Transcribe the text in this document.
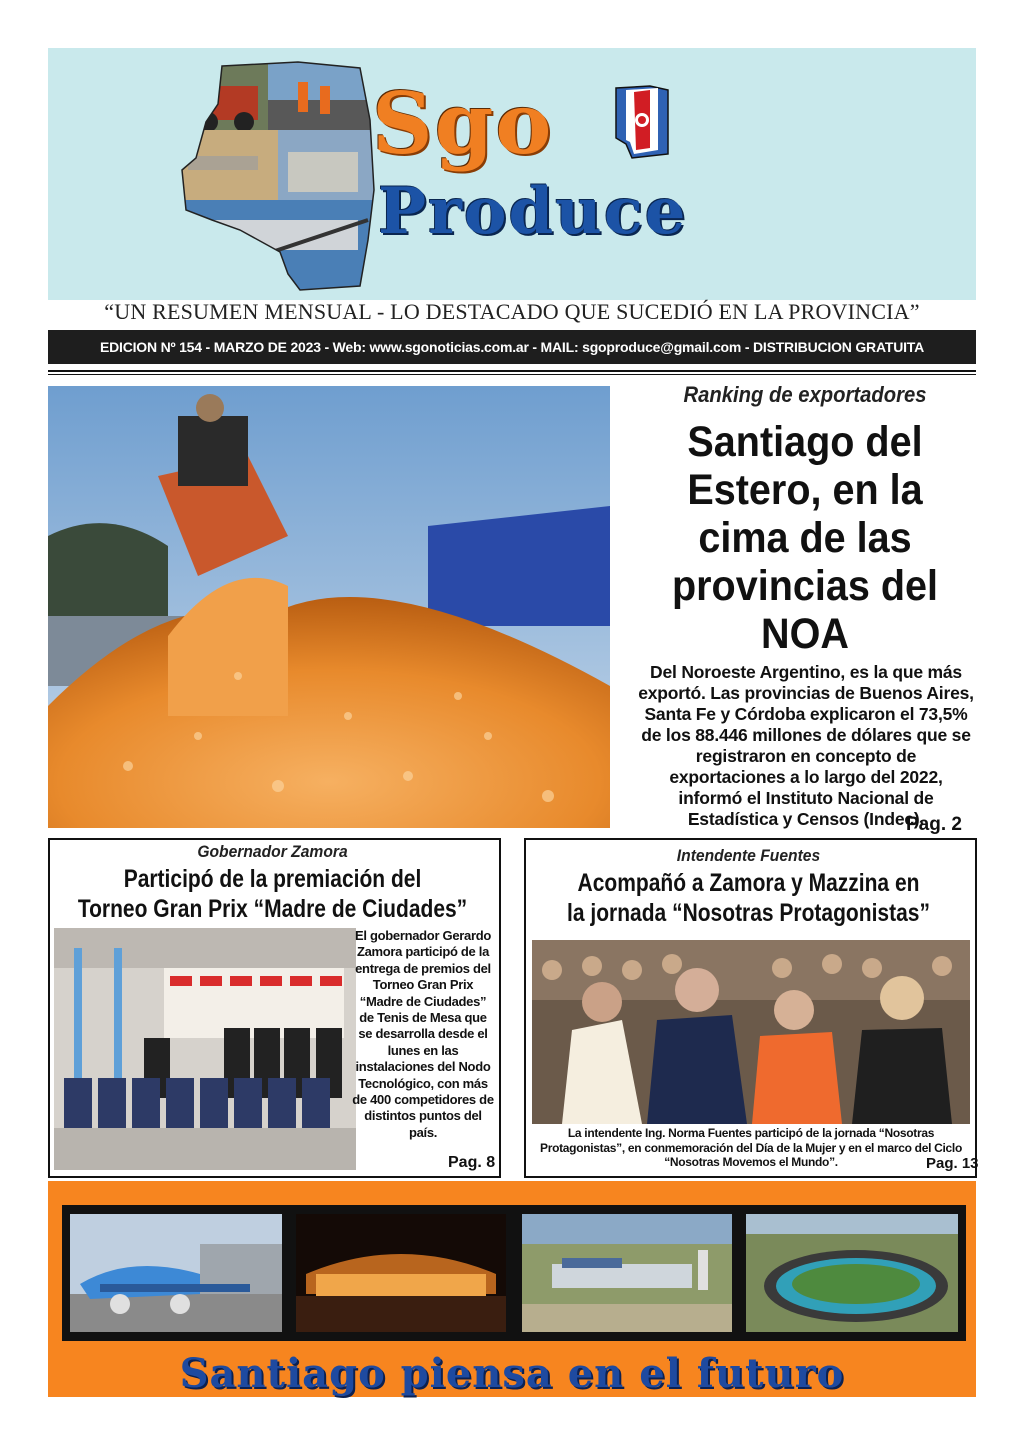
Sgo
Produce
“UN RESUMEN MENSUAL - LO DESTACADO QUE SUCEDIÓ EN LA PROVINCIA”
EDICION Nº 154 - MARZO DE 2023 - Web: www.sgonoticias.com.ar - MAIL: sgoproduce@gmail.com - DISTRIBUCION GRATUITA
Ranking de exportadores
Santiago del Estero, en la cima de las provincias del NOA
Del Noroeste Argentino, es la que más exportó. Las provincias de Buenos Aires, Santa Fe y Córdoba explicaron el 73,5% de los 88.446 millones de dólares que se registraron en concepto de exportaciones a lo largo del 2022, informó el Instituto Nacional de Estadística y Censos (Indec).
Pag. 2
Gobernador Zamora
Participó de la premiación del
Torneo Gran Prix “Madre de Ciudades”
El gobernador Gerardo Zamora participó de la entrega de premios del Torneo Gran Prix “Madre de Ciudades” de Tenis de Mesa que se desarrolla desde el lunes en las instalaciones del Nodo Tecnológico, con más de 400 competidores de distintos puntos del país.
Pag. 8
Intendente Fuentes
Acompañó a Zamora y Mazzina en
la jornada “Nosotras Protagonistas”
La intendente Ing. Norma Fuentes participó de la jornada “Nosotras Protagonistas”, en conmemoración del Día de la Mujer y en el marco del Ciclo “Nosotras Movemos el Mundo”.	Pag. 13
Santiago piensa en el futuro
